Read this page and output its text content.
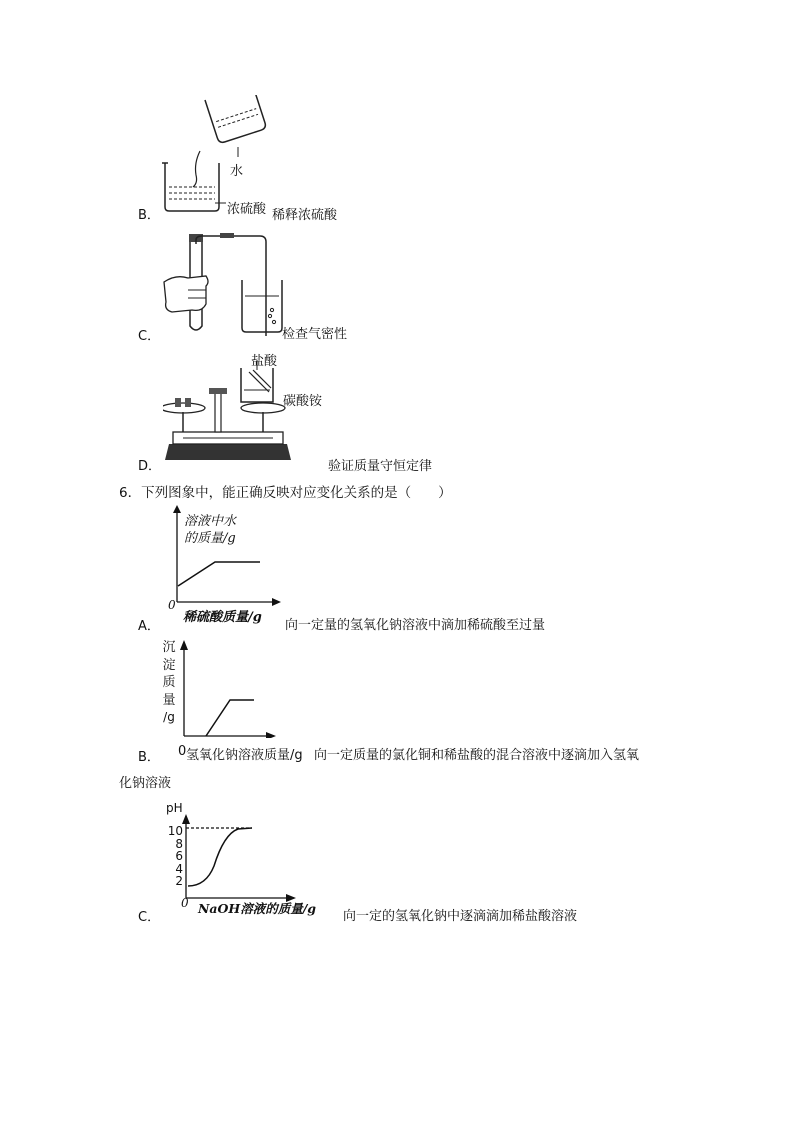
水
浓硫酸
B．	稀释浓硫酸
C．	检查气密性
盐酸
碳酸铵
D．	验证质量守恒定律
6．下列图象中，能正确反映对应变化关系的是（　　）
溶液中水
的质量/g
0
稀硫酸质量/g
A．	向一定量的氢氧化钠溶液中滴加稀硫酸至过量
沉
淀
质
量
/g
0 氢氧化钠溶液质量/g
B．	向一定质量的氯化铜和稀盐酸的混合溶液中逐滴加入氢氧
化钠溶液
pH
10
8
6
4
2
0 NaOH溶液的质量/g
C．	向一定的氢氧化钠中逐滴滴加稀盐酸溶液
